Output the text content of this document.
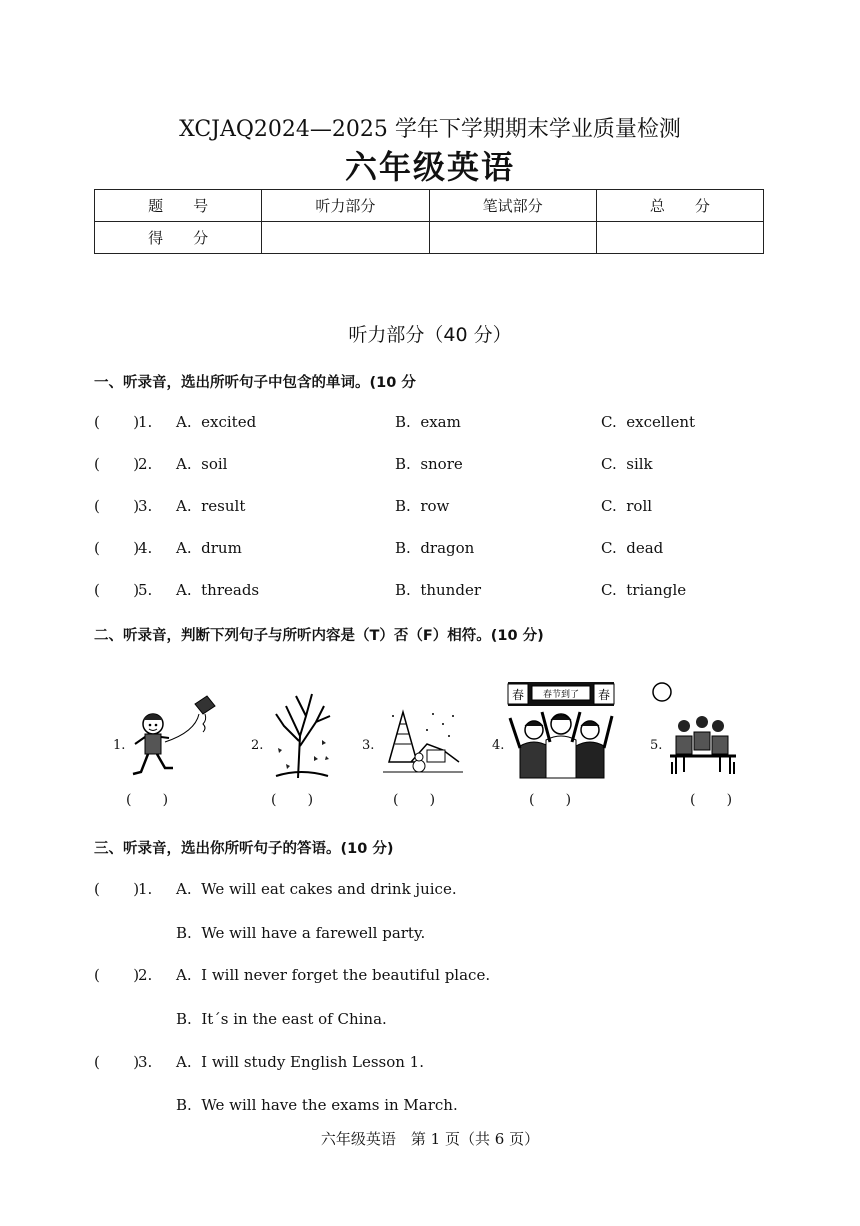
XCJAQ2024—2025 学年下学期期末学业质量检测
六年级英语
题　　号	听力部分	笔试部分	总　　分
得　　分			
听力部分（40 分）
一、听录音，选出所听句子中包含的单词。(10 分
(       )
1. A.  excited	B.  exam	C.  excellent
(       )
2. A.  soil	B.  snore	C.  silk
(       )
3. A.  result	B.  row	C.  roll
(       )
4. A.  drum	B.  dragon	C.  dead
(       )
5. A.  threads	B.  thunder	C.  triangle
二、听录音，判断下列句子与所听内容是（T）否（F）相符。(10 分)
1.
(       )
2.
(       )
3.
(       )
4.
春	春
春节到了
(       )
5.
(       )
三、听录音，选出你所听句子的答语。(10 分)
(       )
1. A.  We will eat cakes and drink juice.
B.  We will have a farewell party.
(       )
2. A.  I will never forget the beautiful place.
B.  It´s in the east of China.
(       )
3. A.  I will study English Lesson 1.
B.  We will have the exams in March.
六年级英语　第 1 页（共 6 页）
